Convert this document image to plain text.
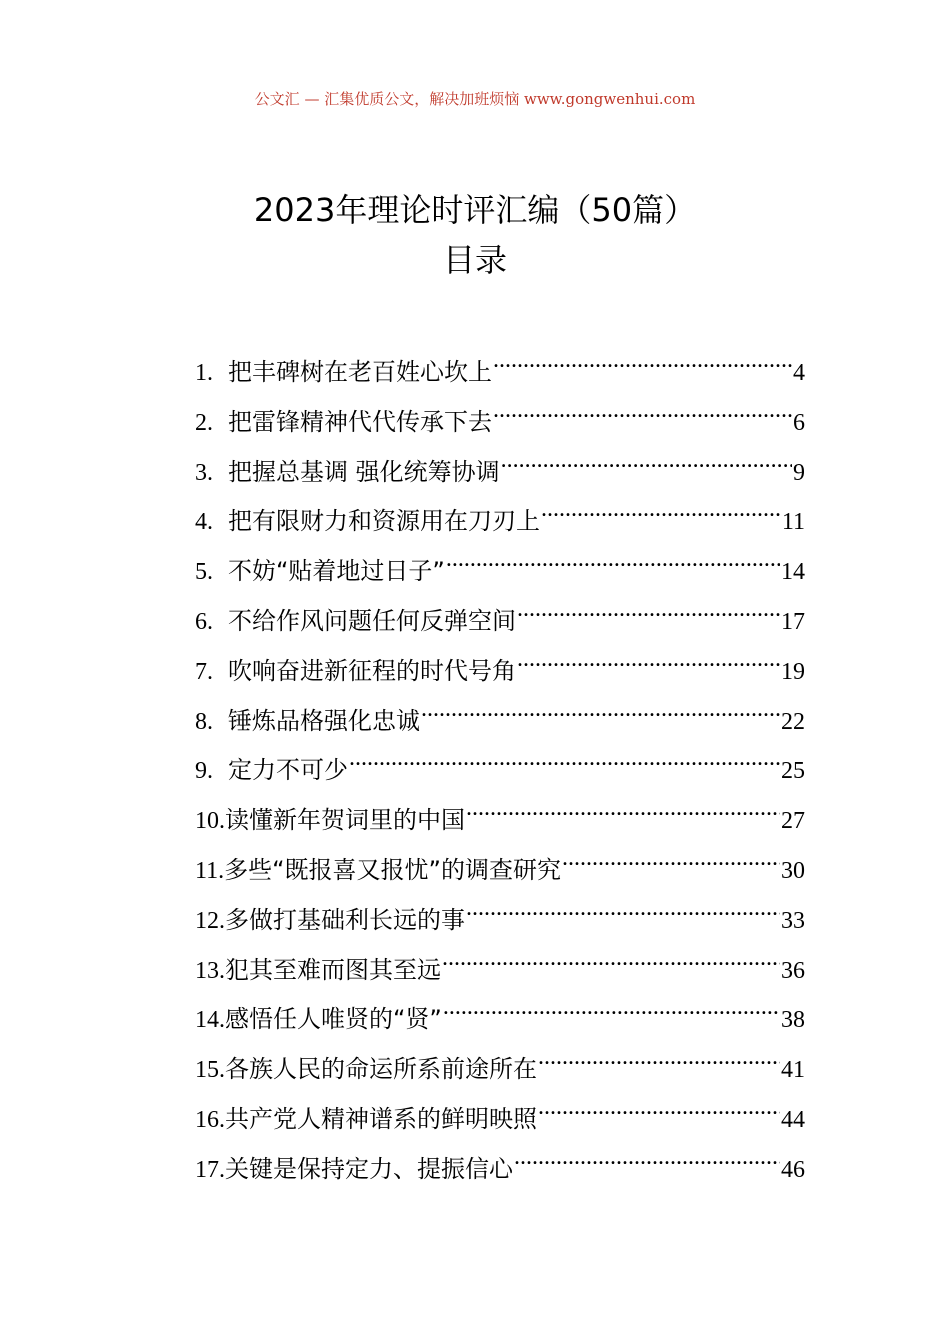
公文汇 — 汇集优质公文，解决加班烦恼 www.gongwenhui.com
2023年理论时评汇编（50篇）
目录
1. 把丰碑树在老百姓心坎上 .....	4
2. 把雷锋精神代代传承下去 .....	6
3. 把握总基调 强化统筹协调 .....	9
4. 把有限财力和资源用在刀刃上 .....	11
5. 不妨“贴着地过日子” .....	14
6. 不给作风问题任何反弹空间 .....	17
7. 吹响奋进新征程的时代号角 .....	19
8. 锤炼品格强化忠诚 .....	22
9. 定力不可少 .....	25
10. 读懂新年贺词里的中国 .....	27
11. 多些“既报喜又报忧”的调查研究 .....	30
12. 多做打基础利长远的事 .....	33
13. 犯其至难而图其至远 .....	36
14. 感悟任人唯贤的“贤” .....	38
15. 各族人民的命运所系前途所在 .....	41
16. 共产党人精神谱系的鲜明映照 .....	44
17. 关键是保持定力、提振信心 .....	46
